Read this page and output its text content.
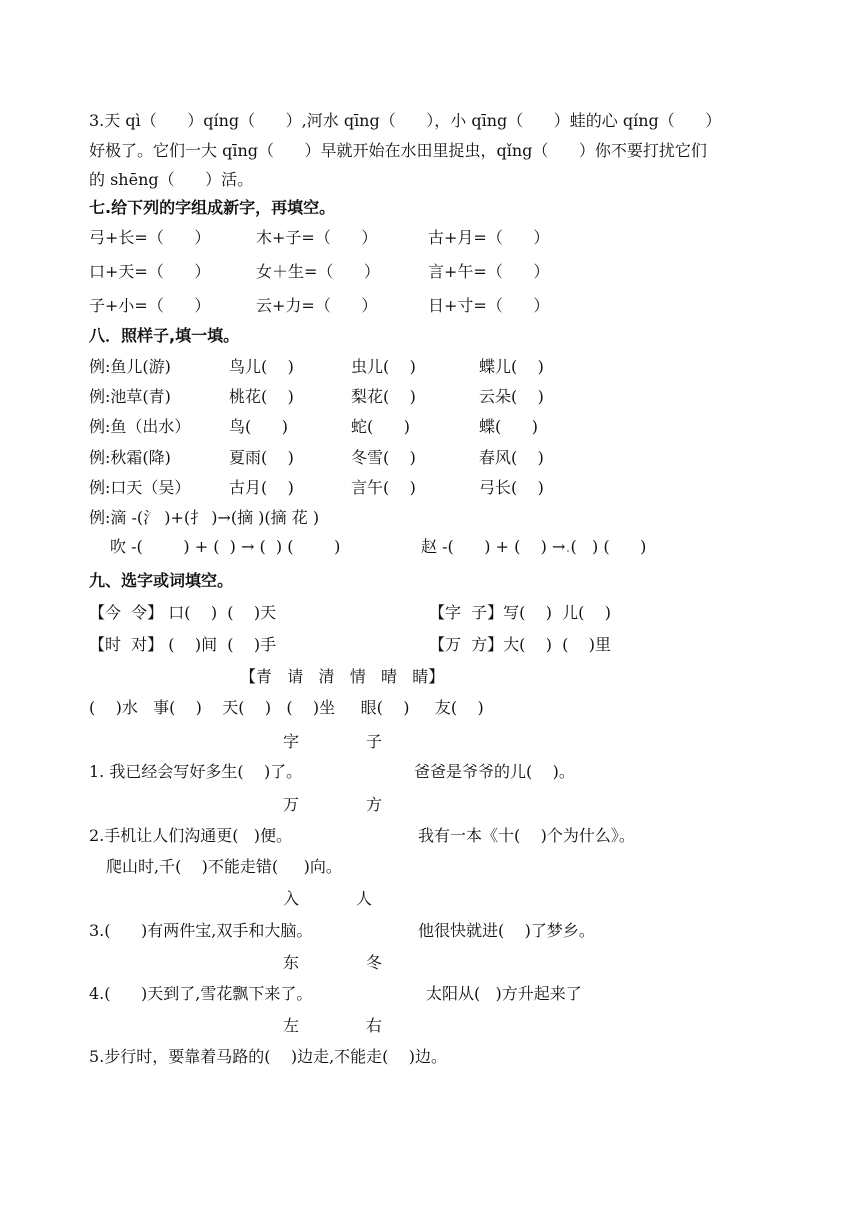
3.天 qì（      ）qíng（      ）,河水 qīng（      ），小 qīng（      ）蛙的心 qíng（      ）
好极了。它们一大 qīng（      ）早就开始在水田里捉虫，qǐng（      ）你不要打扰它们
的 shēng（      ）活。
七.给下列的字组成新字，再填空。
弓+长=（      ）	木+子=（      ）	古+月=（      ）
口+天=（      ）	女＋生=（      ）	言+午=（      ）
子+小=（      ）	云+力=（      ）	日+寸=（      ）
八．照样子,填一填。
例:鱼儿(游)	鸟儿(    )	虫儿(    )	蝶儿(    )
例:池草(青)	桃花(    )	梨花(    )	云朵(    )
例:鱼（出水） 鸟(      )	蛇(      )	蝶(      )
例:秋霜(降)	夏雨(    )	冬雪(    )	春风(    )
例:口天（吴） 古月(    )	言午(    )	弓长(    )
例:滴 -(氵 )+(扌 )→(摘 )(摘 花 )
吹 -(        ) + (  ) → (  ) (        )	赵 -(      ) + (    ) →.(   ) (      )
九、选字或词填空。
【今  令】 口(    )  (    )天	【字  子】写(    )  儿(    )
【时  对】 (    )间  (    )手	【万  方】大(    )  (    )里
【青   请   清   情   晴   睛】
(    )水   事(    )    天(    )   (    )坐     眼(    )     友(    )
字	子
1. 我已经会写好多生(    )了。	爸爸是爷爷的儿(    )。
万	方
2.手机让人们沟通更(   )便。	我有一本《十(    )个为什么》。
爬山时,千(    )不能走错(     )向。
入	人
3.(      )有两件宝,双手和大脑。	他很快就进(    )了梦乡。
东	冬
4.(      )天到了,雪花飘下来了。	太阳从(   )方升起来了
左	右
5.步行时，要靠着马路的(    )边走,不能走(    )边。
